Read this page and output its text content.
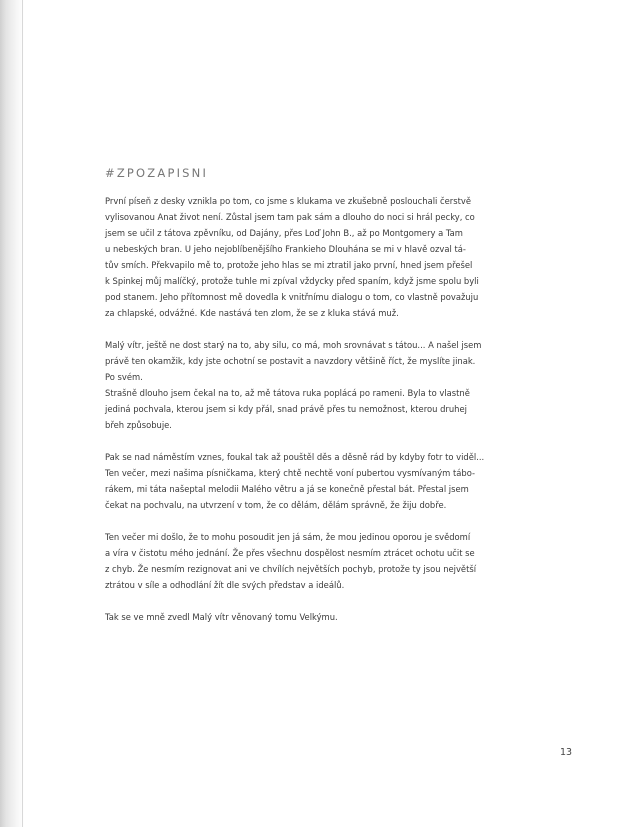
#ZPOZAPISNI
První píseň z desky vznikla po tom, co jsme s klukama ve zkušebně poslouchali čerstvě
vylisovanou Anat život není. Zůstal jsem tam pak sám a dlouho do noci si hrál pecky, co
jsem se učil z tátova zpěvníku, od Dajány, přes Loď John B., až po Montgomery a Tam
u nebeských bran. U jeho nejoblíbenějšího Frankieho Dlouhána se mi v hlavě ozval tá-
tův smích. Překvapilo mě to, protože jeho hlas se mi ztratil jako první, hned jsem přešel
k Spinkej můj malíčký, protože tuhle mi zpíval vždycky před spaním, když jsme spolu byli
pod stanem. Jeho přítomnost mě dovedla k vnitřnímu dialogu o tom, co vlastně považuju
za chlapské, odvážné. Kde nastává ten zlom, že se z kluka stává muž.
Malý vítr, ještě ne dost starý na to, aby silu, co má, moh srovnávat s tátou... A našel jsem
právě ten okamžik, kdy jste ochotní se postavit a navzdory většině říct, že myslíte jinak.
Po svém.
Strašně dlouho jsem čekal na to, až mě tátova ruka poplácá po rameni. Byla to vlastně
jediná pochvala, kterou jsem si kdy přál, snad právě přes tu nemožnost, kterou druhej
břeh způsobuje.
Pak se nad náměstím vznes, foukal tak až pouštěl děs a děsně rád by kdyby fotr to viděl...
Ten večer, mezi našima písničkama, který chtě nechtě voní pubertou vysmívaným tábo-
rákem, mi táta našeptal melodii Malého větru a já se konečně přestal bát. Přestal jsem
čekat na pochvalu, na utvrzení v tom, že co dělám, dělám správně, že žiju dobře.
Ten večer mi došlo, že to mohu posoudit jen já sám, že mou jedinou oporou je svědomí
a víra v čistotu mého jednání. Že přes všechnu dospělost nesmím ztrácet ochotu učit se
z chyb. Že nesmím rezignovat ani ve chvílích největších pochyb, protože ty jsou největší
ztrátou v síle a odhodlání žít dle svých představ a ideálů.
Tak se ve mně zvedl Malý vítr věnovaný tomu Velkýmu.
13
